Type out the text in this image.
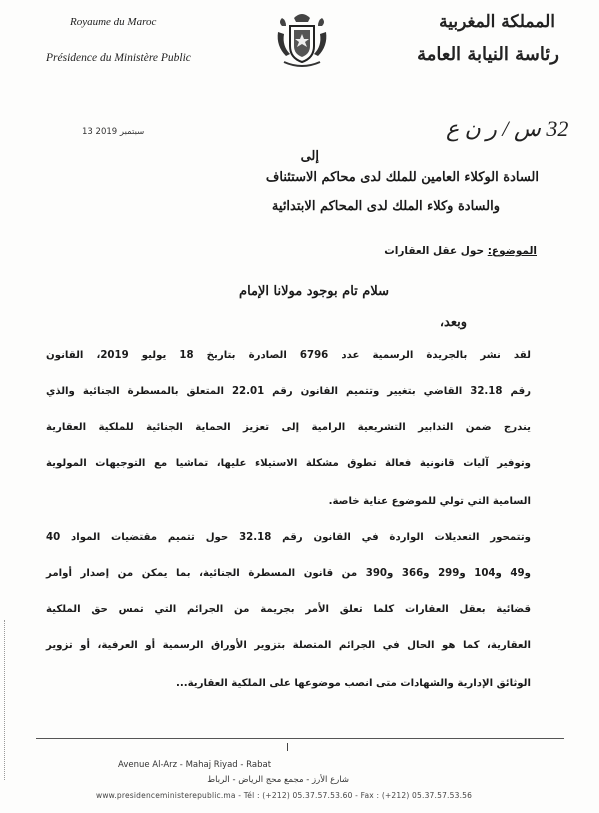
Royaume du Maroc
Présidence du Ministère Public
المملكة المغربية
رئاسة النيابة العامة
13 سبتمبر 2019	32 س / ر ن ع
إلى
السادة الوكلاء العامين للملك لدى محاكم الاستئناف
والسادة وكلاء الملك لدى المحاكم الابتدائية
الموضوع: حول عقل العقارات
سلام تام بوجود مولانا الإمام
وبعد،
لقد نشر بالجريدة الرسمية عدد 6796 الصادرة بتاريخ 18 يوليو 2019، القانون
رقم 32.18 القاضي بتغيير وتتميم القانون رقم 22.01 المتعلق بالمسطرة الجنائية والذي
يندرج ضمن التدابير التشريعية الرامية إلى تعزيز الحماية الجنائية للملكية العقارية
وتوفير آليات قانونية فعالة تطوق مشكلة الاستيلاء عليها، تماشيا مع التوجيهات المولوية
السامية التي تولي للموضوع عناية خاصة.
وتتمحور التعديلات الواردة في القانون رقم 32.18 حول تتميم مقتضيات المواد 40
و49 و104 و299 و366 و390 من قانون المسطرة الجنائية، بما يمكن من إصدار أوامر
قضائية بعقل العقارات كلما تعلق الأمر بجريمة من الجرائم التي تمس حق الملكية
العقارية، كما هو الحال في الجرائم المتصلة بتزوير الأوراق الرسمية أو العرفية، أو تزوير
الوثائق الإدارية والشهادات متى انصب موضوعها على الملكية العقارية...
Avenue Al-Arz - Mahaj Riyad - Rabat
شارع الأرز - مجمع محج الرياض - الرباط
www.presidenceministerepublic.ma - Tél : (+212) 05.37.57.53.60 - Fax : (+212) 05.37.57.53.56
